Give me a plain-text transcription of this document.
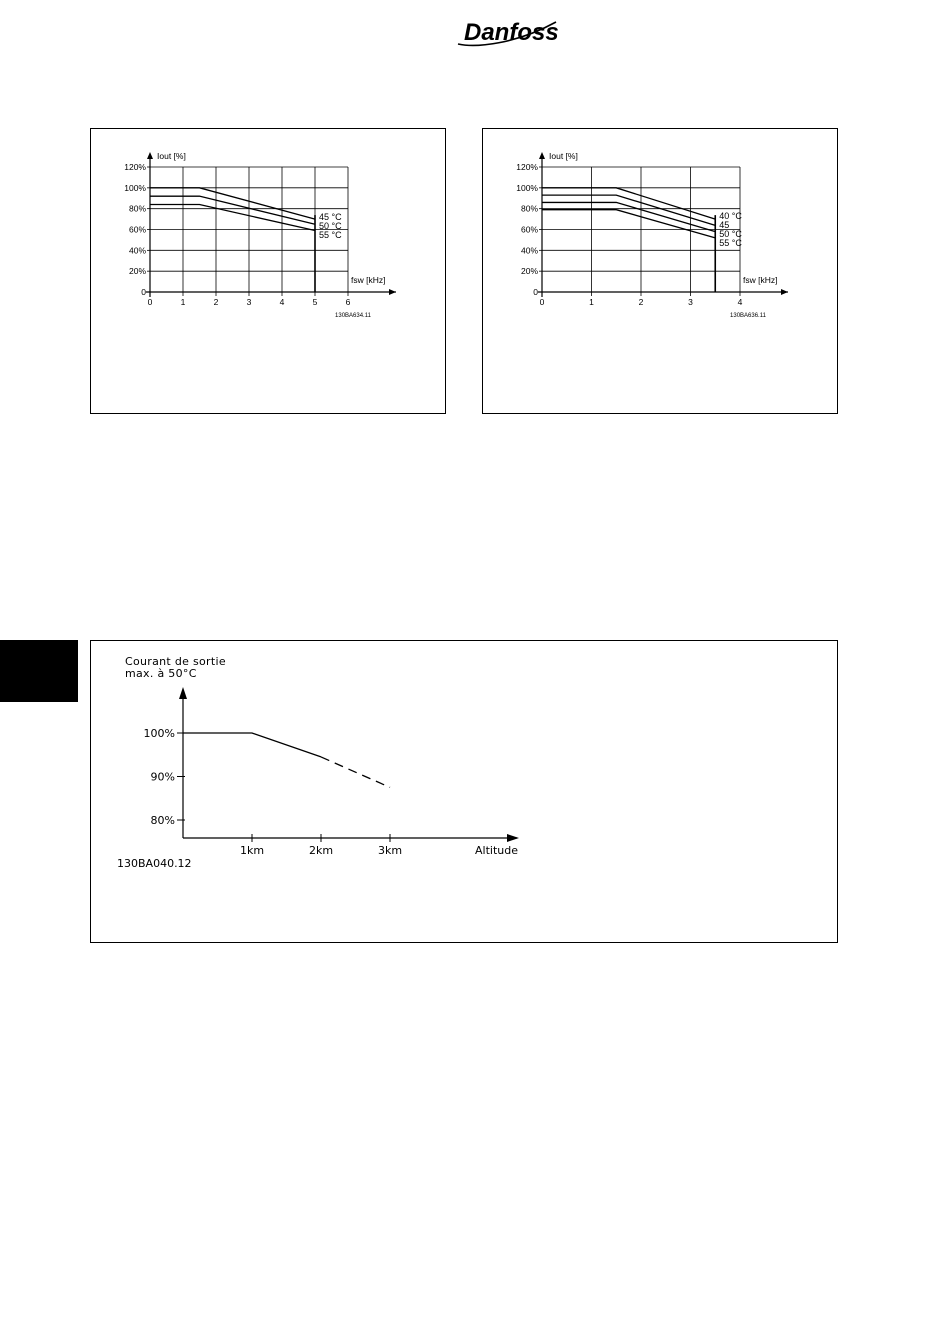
Danfoss
Iout [%]
fsw [kHz]
0
20%
40%
60%
80%
100%
120%
0	1	2	3	4	5	6
45 °C
50 °C
55 °C
130BA634.11
Iout [%]
fsw [kHz]
0
20%
40%
60%
80%
100%
120%
0	1	2	3	4
40 °C
45
50 °C
55 °C
130BA636.11
Courant de sortie
max. à 50°C
80%
90%
100%
1km	2km	3km	Altitude
130BA040.12
